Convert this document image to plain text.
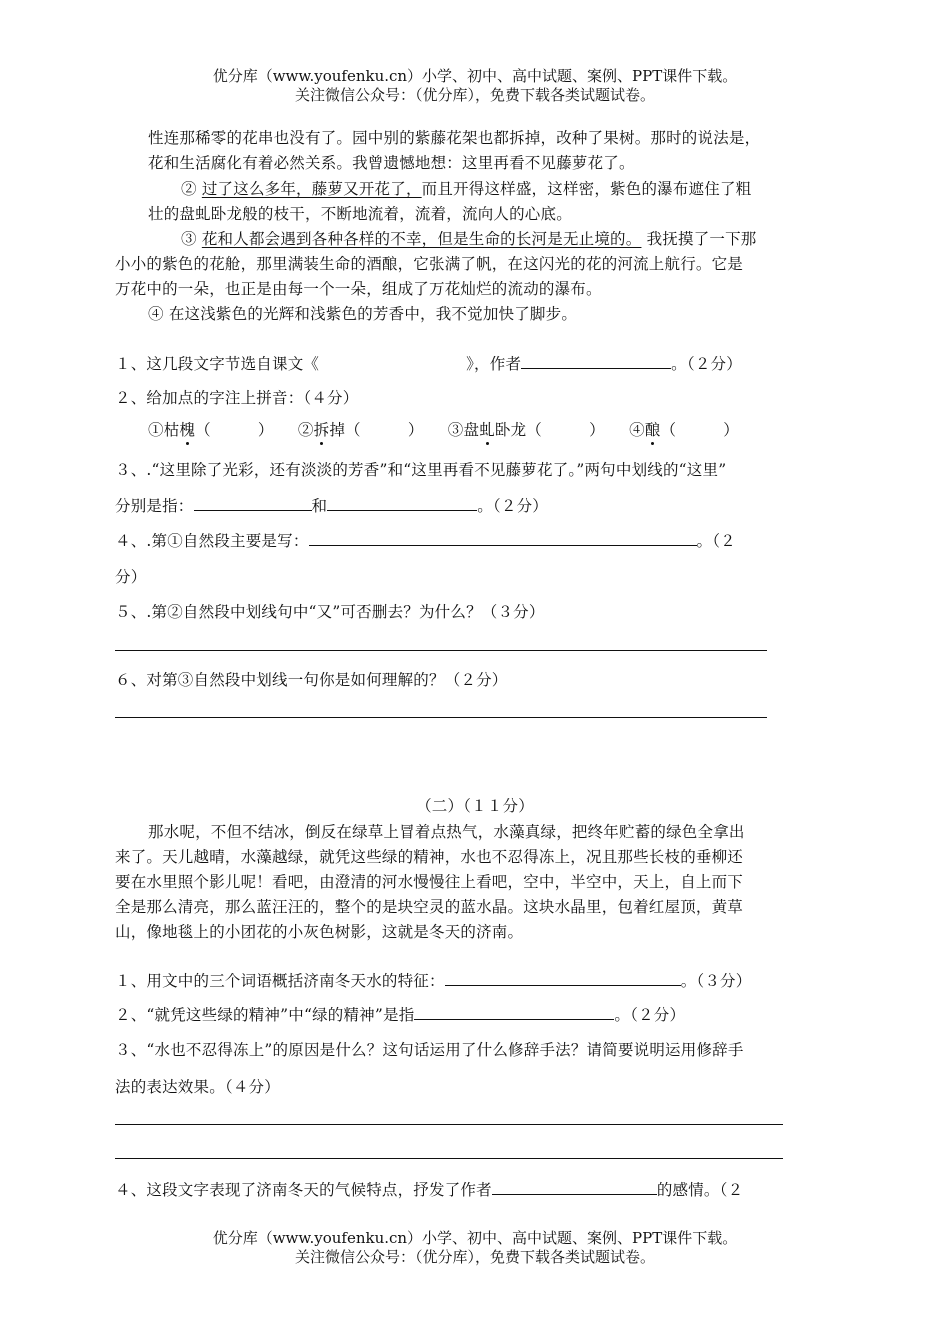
优分库（www.youfenku.cn）小学、初中、高中试题、案例、PPT课件下载。
关注微信公众号：（优分库），免费下载各类试题试卷。
性连那稀零的花串也没有了。园中别的紫藤花架也都拆掉，改种了果树。那时的说法是，
花和生活腐化有着必然关系。我曾遗憾地想：这里再看不见藤萝花了。
② 过了这么多年，藤萝又开花了，而且开得这样盛，这样密，紫色的瀑布遮住了粗
壮的盘虬卧龙般的枝干，不断地流着，流着，流向人的心底。
③ 花和人都会遇到各种各样的不幸，但是生命的长河是无止境的。 我抚摸了一下那
小小的紫色的花舱，那里满装生命的酒酿，它张满了帆，在这闪光的花的河流上航行。它是
万花中的一朵，也正是由每一个一朵，组成了万花灿烂的流动的瀑布。
④ 在这浅紫色的光辉和浅紫色的芳香中，我不觉加快了脚步。
１、这几段文字节选自课文《	》，作者	。（２分）
２、给加点的字注上拼音：（４分）
①枯槐（　　　） ②拆掉（　　　） ③盘虬卧龙（　　　） ④酿（　　　）
３、.“这里除了光彩，还有淡淡的芳香”和“这里再看不见藤萝花了。”两句中划线的“这里”
分别是指：	和	。（２分）
４、.第①自然段主要是写：	。（２
分）
５、.第②自然段中划线句中“又”可否删去？为什么？（３分）
６、对第③自然段中划线一句你是如何理解的？（２分）
（二）（１１分）
那水呢，不但不结冰，倒反在绿草上冒着点热气，水藻真绿，把终年贮蓄的绿色全拿出
来了。天儿越晴，水藻越绿，就凭这些绿的精神，水也不忍得冻上，况且那些长枝的垂柳还
要在水里照个影儿呢！看吧，由澄清的河水慢慢往上看吧，空中，半空中，天上，自上而下
全是那么清亮，那么蓝汪汪的，整个的是块空灵的蓝水晶。这块水晶里，包着红屋顶，黄草
山，像地毯上的小团花的小灰色树影，这就是冬天的济南。
１、用文中的三个词语概括济南冬天水的特征：	。（３分）
２、“就凭这些绿的精神”中“绿的精神”是指	。（２分）
３、“水也不忍得冻上”的原因是什么？这句话运用了什么修辞手法？请简要说明运用修辞手
法的表达效果。（４分）
４、这段文字表现了济南冬天的气候特点，抒发了作者	的感情。（２
优分库（www.youfenku.cn）小学、初中、高中试题、案例、PPT课件下载。
关注微信公众号：（优分库），免费下载各类试题试卷。
